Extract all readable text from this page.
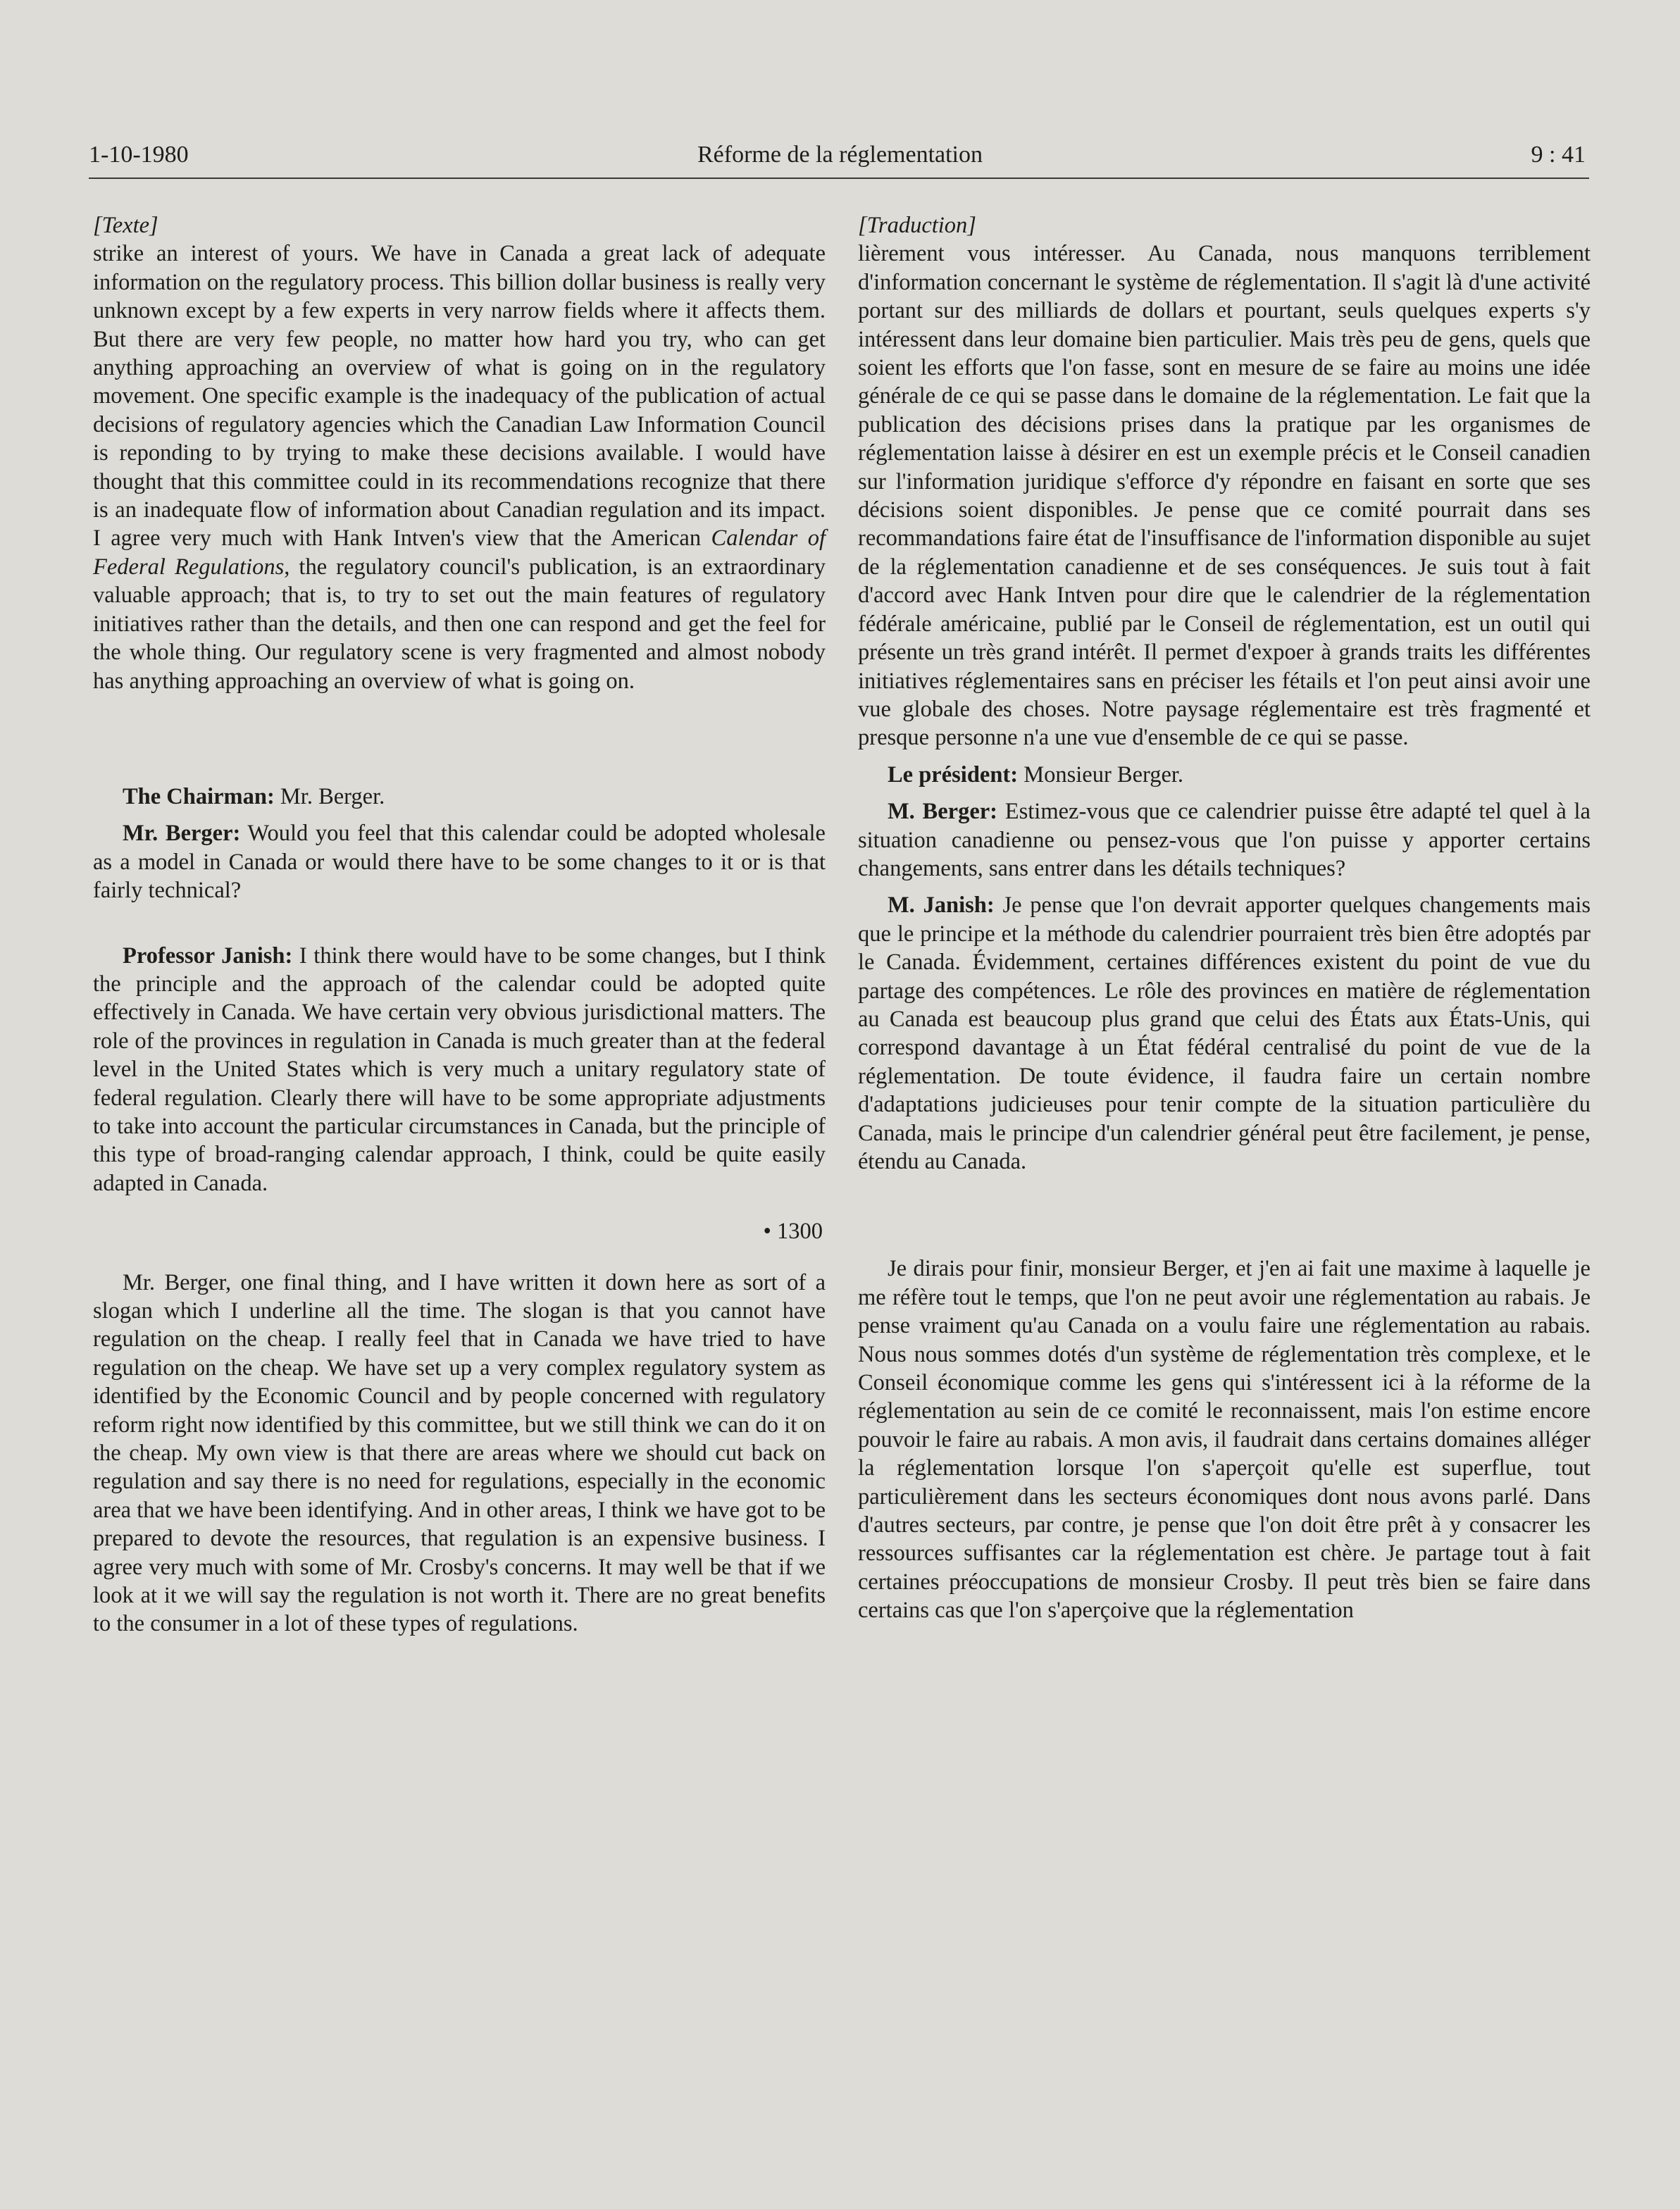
1-10-1980	Réforme de la réglementation	9 : 41

[Texte]

strike an interest of yours. We have in Canada a great lack of adequate information on the regulatory process. This billion dollar business is really very unknown except by a few experts in very narrow fields where it affects them. But there are very few people, no matter how hard you try, who can get anything approaching an overview of what is going on in the regulatory movement. One specific example is the inadequacy of the publication of actual decisions of regulatory agencies which the Canadian Law Information Council is reponding to by trying to make these decisions available. I would have thought that this committee could in its recommendations recognize that there is an inadequate flow of information about Canadian regulation and its impact. I agree very much with Hank Intven's view that the American Calendar of Federal Regulations, the regulatory council's publication, is an extraordinary valuable approach; that is, to try to set out the main features of regulatory initiatives rather than the details, and then one can respond and get the feel for the whole thing. Our regulatory scene is very fragmented and almost nobody has anything approaching an overview of what is going on.

The Chairman: Mr. Berger.

Mr. Berger: Would you feel that this calendar could be adopted wholesale as a model in Canada or would there have to be some changes to it or is that fairly technical?

Professor Janish: I think there would have to be some changes, but I think the principle and the approach of the calendar could be adopted quite effectively in Canada. We have certain very obvious jurisdictional matters. The role of the provinces in regulation in Canada is much greater than at the federal level in the United States which is very much a unitary regulatory state of federal regulation. Clearly there will have to be some appropriate adjustments to take into account the particular circumstances in Canada, but the principle of this type of broad-ranging calendar approach, I think, could be quite easily adapted in Canada.

• 1300

Mr. Berger, one final thing, and I have written it down here as sort of a slogan which I underline all the time. The slogan is that you cannot have regulation on the cheap. I really feel that in Canada we have tried to have regulation on the cheap. We have set up a very complex regulatory system as identified by the Economic Council and by people concerned with regulatory reform right now identified by this committee, but we still think we can do it on the cheap. My own view is that there are areas where we should cut back on regulation and say there is no need for regulations, especially in the economic area that we have been identifying. And in other areas, I think we have got to be prepared to devote the resources, that regulation is an expensive business. I agree very much with some of Mr. Crosby's concerns. It may well be that if we look at it we will say the regulation is not worth it. There are no great benefits to the consumer in a lot of these types of regulations.

[Traduction]

lièrement vous intéresser. Au Canada, nous manquons terriblement d'information concernant le système de réglementation. Il s'agit là d'une activité portant sur des milliards de dollars et pourtant, seuls quelques experts s'y intéressent dans leur domaine bien particulier. Mais très peu de gens, quels que soient les efforts que l'on fasse, sont en mesure de se faire au moins une idée générale de ce qui se passe dans le domaine de la réglementation. Le fait que la publication des décisions prises dans la pratique par les organismes de réglementation laisse à désirer en est un exemple précis et le Conseil canadien sur l'information juridique s'efforce d'y répondre en faisant en sorte que ses décisions soient disponibles. Je pense que ce comité pourrait dans ses recommandations faire état de l'insuffisance de l'information disponible au sujet de la réglementation canadienne et de ses conséquences. Je suis tout à fait d'accord avec Hank Intven pour dire que le calendrier de la réglementation fédérale américaine, publié par le Conseil de réglementation, est un outil qui présente un très grand intérêt. Il permet d'expoer à grands traits les différentes initiatives réglementaires sans en préciser les fétails et l'on peut ainsi avoir une vue globale des choses. Notre paysage réglementaire est très fragmenté et presque personne n'a une vue d'ensemble de ce qui se passe.

Le président: Monsieur Berger.

M. Berger: Estimez-vous que ce calendrier puisse être adapté tel quel à la situation canadienne ou pensez-vous que l'on puisse y apporter certains changements, sans entrer dans les détails techniques?

M. Janish: Je pense que l'on devrait apporter quelques changements mais que le principe et la méthode du calendrier pourraient très bien être adoptés par le Canada. Évidemment, certaines différences existent du point de vue du partage des compétences. Le rôle des provinces en matière de réglementation au Canada est beaucoup plus grand que celui des États aux États-Unis, qui correspond davantage à un État fédéral centralisé du point de vue de la réglementation. De toute évidence, il faudra faire un certain nombre d'adaptations judicieuses pour tenir compte de la situation particulière du Canada, mais le principe d'un calendrier général peut être facilement, je pense, étendu au Canada.

Je dirais pour finir, monsieur Berger, et j'en ai fait une maxime à laquelle je me réfère tout le temps, que l'on ne peut avoir une réglementation au rabais. Je pense vraiment qu'au Canada on a voulu faire une réglementation au rabais. Nous nous sommes dotés d'un système de réglementation très complexe, et le Conseil économique comme les gens qui s'intéressent ici à la réforme de la réglementation au sein de ce comité le reconnaissent, mais l'on estime encore pouvoir le faire au rabais. A mon avis, il faudrait dans certains domaines alléger la réglementation lorsque l'on s'aperçoit qu'elle est superflue, tout particulièrement dans les secteurs économiques dont nous avons parlé. Dans d'autres secteurs, par contre, je pense que l'on doit être prêt à y consacrer les ressources suffisantes car la réglementation est chère. Je partage tout à fait certaines préoccupations de monsieur Crosby. Il peut très bien se faire dans certains cas que l'on s'aperçoive que la réglementation
